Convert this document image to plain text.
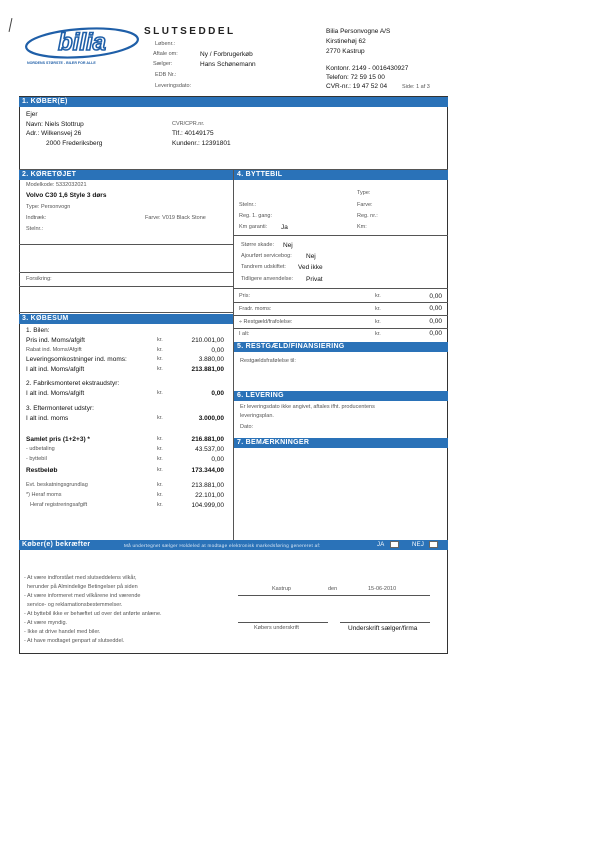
bilia
NORDENS STØRSTE - BILER FOR ALLE
SLUTSEDDEL
Løbenr.:
Aftale om:	Ny / Forbrugerkøb
Sælger:	Hans Schønemann
EDB Nr.:
Leveringsdato:
Bilia Personvogne A/S
Kirstinehøj 62
2770 Kastrup
Kontonr. 2149 - 0016430927
Telefon: 72 59 15 00
CVR-nr.: 19 47 52 04	Side: 1 af 3
1. KØBER(E)
Ejer
Navn: Niels Stottrup
Adr.: Wilkensvej 26
2000 Frederiksberg
CVR/CPR.nr.
Tlf.: 40149175
Kundenr.: 12391801
2. KØRETØJET
Modelkode: 5332032021
Volvo C30 1,6 Style 3 dørs
Type: Personvogn
Indtræk:	Farve: V019 Black Stone
Stelnr.:
Forsikring:
3. KØBESUM
1. Bilen:
Pris ind. Moms/afgift	kr.	210.001,00
Rabat ind. Moms/Afgift	kr.	0,00
Leveringsomkostninger ind. moms:	kr.	3.880,00
I alt ind. Moms/afgift	kr.	213.881,00
2. Fabriksmonteret ekstraudstyr:
I alt ind. Moms/afgift	kr.	0,00
3. Eftermonteret udstyr:
I alt ind. moms	kr.	3.000,00
Samlet pris (1+2+3) *	kr.	216.881,00
- udbetaling	kr.	43.537,00
- byttebil	kr.	0,00
Restbeløb	kr.	173.344,00
Evt. beskatningsgrundlag	kr.	213.881,00
*) Heraf moms	kr.	22.101,00
Heraf registreringsafgift	kr.	104.999,00
4. BYTTEBIL
Type:
Stelnr.:	Farve:
Reg. 1. gang:	Reg. nr.:
Km garanti: Ja	Km:
Større skade: Nej
Ajourført servicebog: Nej
Tandrem udskiftet: Ved ikke
Tidligere anvendelse: Privat
Pris:	kr.	0,00
Fradr. moms:	kr.	0,00
÷ Restgæld/frafolelse:	kr.	0,00
I alt:	kr.	0,00
5. RESTGÆLD/FINANSIERING
Restgældsfrafølelse til:
6. LEVERING
Er leveringsdato ikke angivet, aftales ifht. producentens
leveringsplan.
Dato:
7. BEMÆRKNINGER
Køber(e) bekræfter	Må undertegnet sælger Holdeled at modtage elektronisk markedsføring genereret af:	JA	NEJ
- At være indforstået med slutseddelens vilkår,
herunder på Almindelige Betingelser på siden
- At være informeret med vilkårene ind værende
service- og reklamationsbestemmelser.
- At byttebil ikke er behæftet ud over det anførte anlæne.
- At være myndig.
- Ikke at drive handel med biler.
- At have modtaget genpart af slutseddel.
Kastrup	den	15-06-2010
Købers underskrift	Underskrift sælger/firma
